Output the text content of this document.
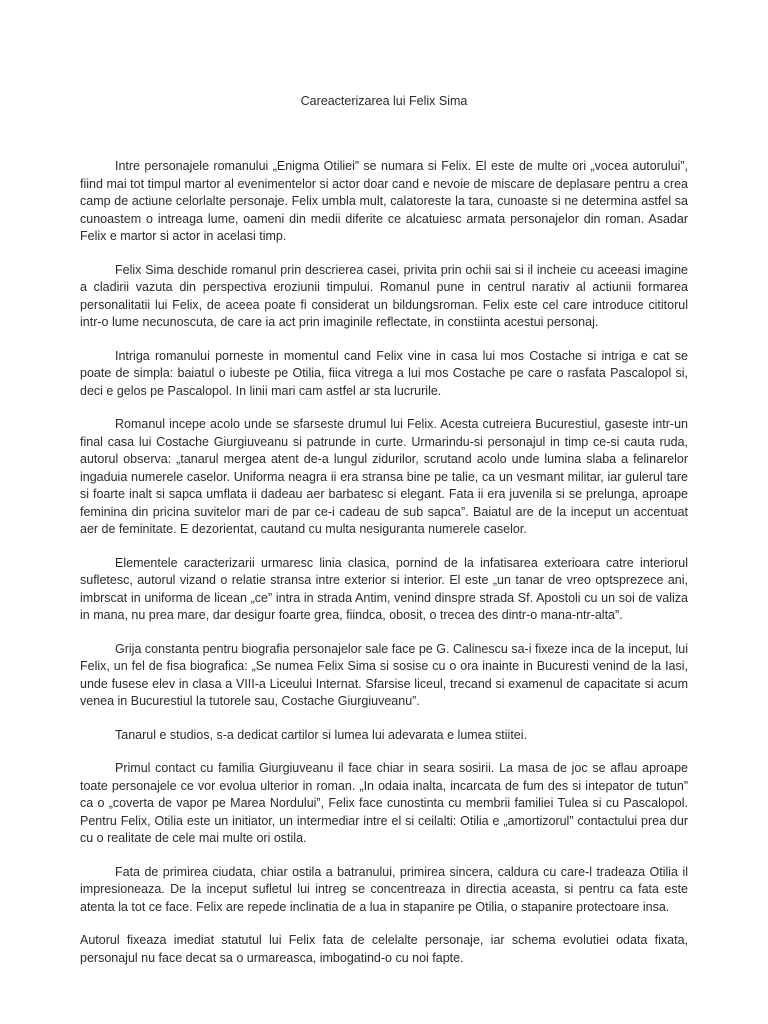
Careacterizarea lui Felix Sima

Intre personajele romanului „Enigma Otiliei” se numara si Felix. El este de multe ori „vocea autorului”, fiind mai tot timpul martor al evenimentelor si actor doar cand e nevoie de miscare de deplasare pentru a crea camp de actiune celorlalte personaje. Felix umbla mult, calatoreste la tara, cunoaste si ne determina astfel sa cunoastem o intreaga lume, oameni din medii diferite ce alcatuiesc armata personajelor din roman. Asadar Felix e martor si actor in acelasi timp.

Felix Sima deschide romanul prin descrierea casei, privita prin ochii sai si il incheie cu aceeasi imagine a cladirii vazuta din perspectiva eroziunii timpului. Romanul pune in centrul narativ al actiunii formarea personalitatii lui Felix, de aceea poate fi considerat un bildungsroman. Felix este cel care introduce cititorul intr-o lume necunoscuta, de care ia act prin imaginile reflectate, in constiinta acestui personaj.

Intriga romanului porneste in momentul cand Felix vine in casa lui mos Costache si intriga e cat se poate de simpla: baiatul o iubeste pe Otilia, fiica vitrega a lui mos Costache pe care o rasfata Pascalopol si, deci e gelos pe Pascalopol. In linii mari cam astfel ar sta lucrurile.

Romanul incepe acolo unde se sfarseste drumul lui Felix. Acesta cutreiera Bucurestiul, gaseste intr-un final casa lui Costache Giurgiuveanu si patrunde in curte. Urmarindu-si personajul in timp ce-si cauta ruda, autorul observa: „tanarul mergea atent de-a lungul zidurilor, scrutand acolo unde lumina slaba a felinarelor ingaduia numerele caselor. Uniforma neagra ii era stransa bine pe talie, ca un vesmant militar, iar gulerul tare si foarte inalt si sapca umflata ii dadeau aer barbatesc si elegant. Fata ii era juvenila si se prelunga, aproape feminina din pricina suvitelor mari de par ce-i cadeau de sub sapca”. Baiatul are de la inceput un accentuat aer de feminitate. E dezorientat, cautand cu multa nesiguranta numerele caselor.

Elementele caracterizarii urmaresc linia clasica, pornind de la infatisarea exterioara catre interiorul sufletesc, autorul vizand o relatie stransa intre exterior si interior. El este „un tanar de vreo optsprezece ani, imbrscat in uniforma de licean „ce” intra in strada Antim, venind dinspre strada Sf. Apostoli cu un soi de valiza in mana, nu prea mare, dar desigur foarte grea, fiindca, obosit, o trecea des dintr-o mana-ntr-alta”.

Grija constanta pentru biografia personajelor sale face pe G. Calinescu sa-i fixeze inca de la inceput, lui Felix, un fel de fisa biografica: „Se numea Felix Sima si sosise cu o ora inainte in Bucuresti venind de la Iasi, unde fusese elev in clasa a VIII-a Liceului Internat. Sfarsise liceul, trecand si examenul de capacitate si acum venea in Bucurestiul la tutorele sau, Costache Giurgiuveanu”.

Tanarul e studios, s-a dedicat cartilor si lumea lui adevarata e lumea stiitei.

Primul contact cu familia Giurgiuveanu il face chiar in seara sosirii. La masa de joc se aflau aproape toate personajele ce vor evolua ulterior in roman. „In odaia inalta, incarcata de fum des si intepator de tutun” ca o „coverta de vapor pe Marea Nordului”, Felix face cunostinta cu membrii familiei Tulea si cu Pascalopol. Pentru Felix, Otilia este un initiator, un intermediar intre el si ceilalti: Otilia e „amortizorul” contactului prea dur cu o realitate de cele mai multe ori ostila.

Fata de primirea ciudata, chiar ostila a batranului, primirea sincera, caldura cu care-l tradeaza Otilia il impresioneaza. De la inceput sufletul lui intreg se concentreaza in directia aceasta, si pentru ca fata este atenta la tot ce face. Felix are repede inclinatia de a lua in stapanire pe Otilia, o stapanire protectoare insa.

Autorul fixeaza imediat statutul lui Felix fata de celelalte personaje, iar schema evolutiei odata fixata, personajul nu face decat sa o urmareasca, imbogatind-o cu noi fapte.
